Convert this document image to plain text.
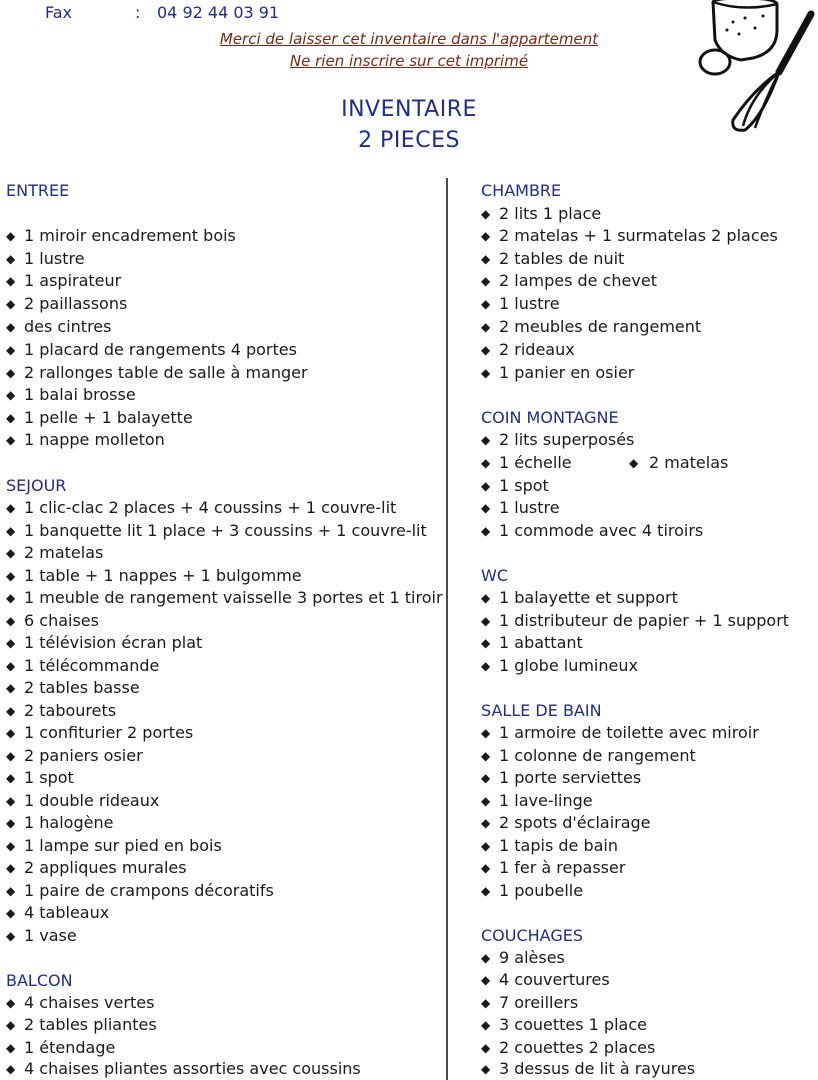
Fax	: 04 92 44 03 91
Merci de laisser cet inventaire dans l'appartement
Ne rien inscrire sur cet imprimé
INVENTAIRE
2 PIECES
ENTREE
◆ 1 miroir encadrement bois
◆ 1 lustre
◆ 1 aspirateur
◆ 2 paillassons
◆ des cintres
◆ 1 placard de rangements 4 portes
◆ 2 rallonges table de salle à manger
◆ 1 balai brosse
◆ 1 pelle + 1 balayette
◆ 1 nappe molleton
SEJOUR
◆ 1 clic-clac 2 places + 4 coussins + 1 couvre-lit
◆ 1 banquette lit 1 place + 3 coussins + 1 couvre-lit
◆ 2 matelas
◆ 1 table + 1 nappes + 1 bulgomme
◆ 1 meuble de rangement vaisselle 3 portes et 1 tiroir
◆ 6 chaises
◆ 1 télévision écran plat
◆ 1 télécommande
◆ 2 tables basse
◆ 2 tabourets
◆ 1 confiturier 2 portes
◆ 2 paniers osier
◆ 1 spot
◆ 1 double rideaux
◆ 1 halogène
◆ 1 lampe sur pied en bois
◆ 2 appliques murales
◆ 1 paire de crampons décoratifs
◆ 4 tableaux
◆ 1 vase
BALCON
◆ 4 chaises vertes
◆ 2 tables pliantes
◆ 1 étendage
◆ 4 chaises pliantes assorties avec coussins
CHAMBRE
◆ 2 lits 1 place
◆ 2 matelas + 1 surmatelas 2 places
◆ 2 tables de nuit
◆ 2 lampes de chevet
◆ 1 lustre
◆ 2 meubles de rangement
◆ 2 rideaux
◆ 1 panier en osier
COIN MONTAGNE
◆ 2 lits superposés
◆ 1 échelle	◆ 2 matelas
◆ 1 spot
◆ 1 lustre
◆ 1 commode avec 4 tiroirs
WC
◆ 1 balayette et support
◆ 1 distributeur de papier + 1 support
◆ 1 abattant
◆ 1 globe lumineux
SALLE DE BAIN
◆ 1 armoire de toilette avec miroir
◆ 1 colonne de rangement
◆ 1 porte serviettes
◆ 1 lave-linge
◆ 2 spots d'éclairage
◆ 1 tapis de bain
◆ 1 fer à repasser
◆ 1 poubelle
COUCHAGES
◆ 9 alèses
◆ 4 couvertures
◆ 7 oreillers
◆ 3 couettes 1 place
◆ 2 couettes 2 places
◆ 3 dessus de lit à rayures
